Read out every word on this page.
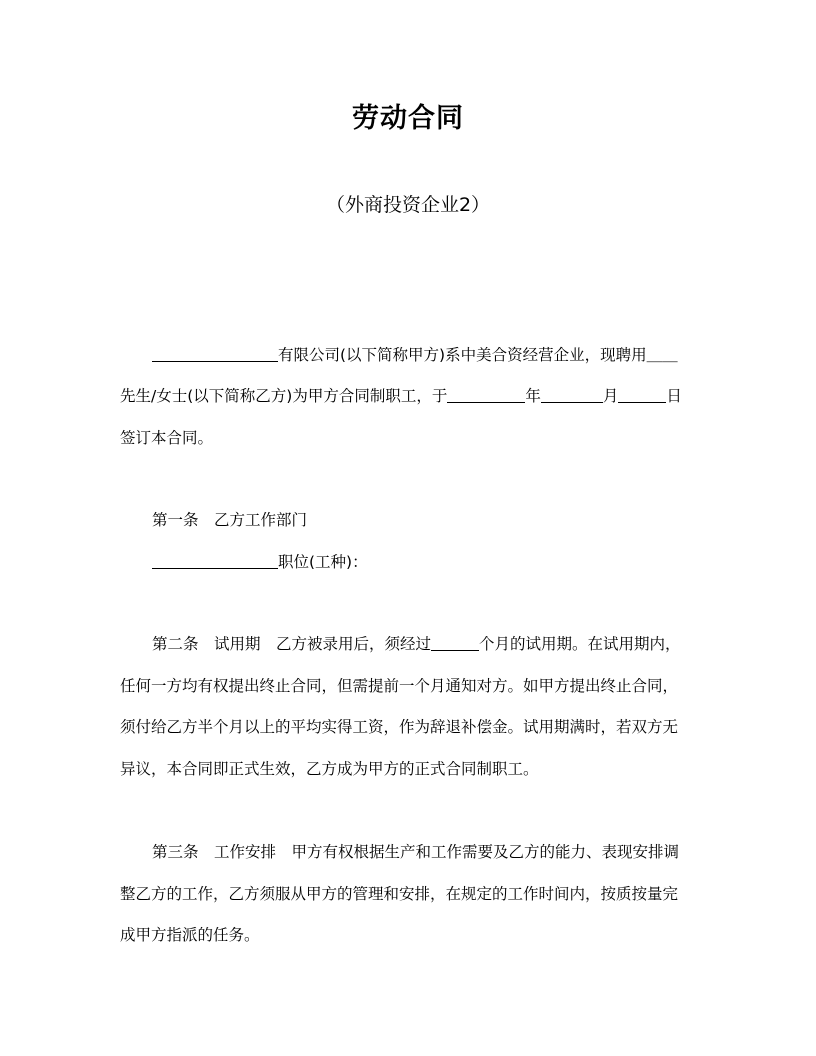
劳动合同
（外商投资企业2）
有限公司(以下简称甲方)系中美合资经营企业，现聘用＿＿
先生/女士(以下简称乙方)为甲方合同制职工，于	年	月	日
签订本合同。
第一条　乙方工作部门
职位(工种)：
第二条　试用期　乙方被录用后，须经过	个月的试用期。在试用期内，
任何一方均有权提出终止合同，但需提前一个月通知对方。如甲方提出终止合同，
须付给乙方半个月以上的平均实得工资，作为辞退补偿金。试用期满时，若双方无
异议，本合同即正式生效，乙方成为甲方的正式合同制职工。
第三条　工作安排　甲方有权根据生产和工作需要及乙方的能力、表现安排调
整乙方的工作，乙方须服从甲方的管理和安排，在规定的工作时间内，按质按量完
成甲方指派的任务。
